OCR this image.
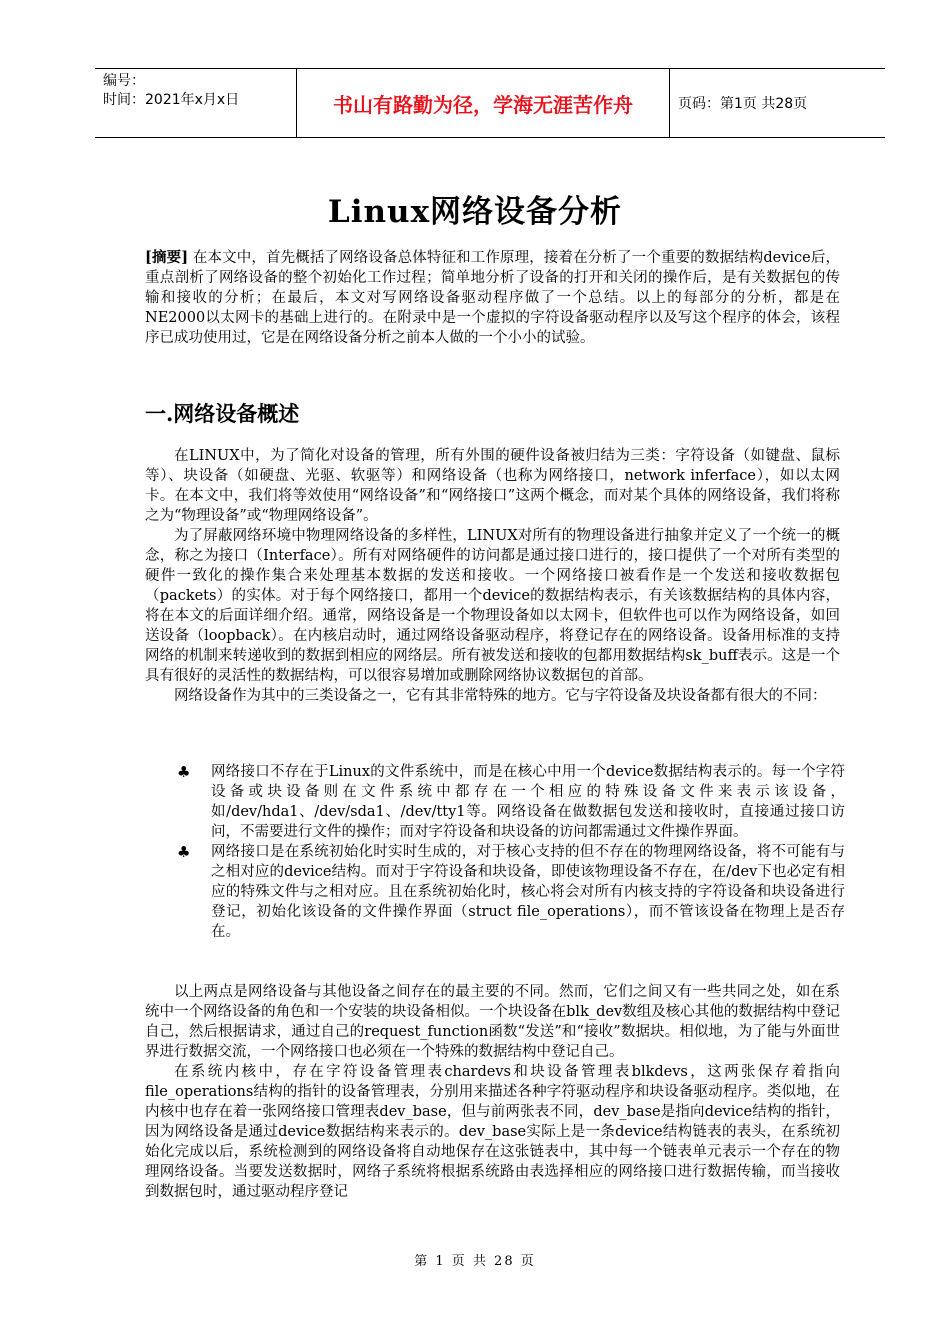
编号：
时间：2021年x月x日	书山有路勤为径，学海无涯苦作舟	页码：第1页 共28页
Linux网络设备分析
[摘要] 在本文中，首先概括了网络设备总体特征和工作原理，接着在分析了一个重要的数据结构device后，重点剖析了网络设备的整个初始化工作过程；简单地分析了设备的打开和关闭的操作后，是有关数据包的传输和接收的分析；在最后，本文对写网络设备驱动程序做了一个总结。以上的每部分的分析，都是在NE2000以太网卡的基础上进行的。在附录中是一个虚拟的字符设备驱动程序以及写这个程序的体会，该程序已成功使用过，它是在网络设备分析之前本人做的一个小小的试验。
一.网络设备概述

在LINUX中，为了简化对设备的管理，所有外围的硬件设备被归结为三类：字符设备（如键盘、鼠标等）、块设备（如硬盘、光驱、软驱等）和网络设备（也称为网络接口，network inferface），如以太网卡。在本文中，我们将等效使用“网络设备”和“网络接口”这两个概念，而对某个具体的网络设备，我们将称之为“物理设备”或“物理网络设备”。

为了屏蔽网络环境中物理网络设备的多样性，LINUX对所有的物理设备进行抽象并定义了一个统一的概念，称之为接口（Interface）。所有对网络硬件的访问都是通过接口进行的，接口提供了一个对所有类型的硬件一致化的操作集合来处理基本数据的发送和接收。一个网络接口被看作是一个发送和接收数据包（packets）的实体。对于每个网络接口，都用一个device的数据结构表示，有关该数据结构的具体内容，将在本文的后面详细介绍。通常，网络设备是一个物理设备如以太网卡，但软件也可以作为网络设备，如回送设备（loopback）。在内核启动时，通过网络设备驱动程序，将登记存在的网络设备。设备用标准的支持网络的机制来转递收到的数据到相应的网络层。所有被发送和接收的包都用数据结构sk_buff表示。这是一个具有很好的灵活性的数据结构，可以很容易增加或删除网络协议数据包的首部。

网络设备作为其中的三类设备之一，它有其非常特殊的地方。它与字符设备及块设备都有很大的不同：

♣ 网络接口不存在于Linux的文件系统中，而是在核心中用一个device数据结构表示的。每一个字符设备或块设备则在文件系统中都存在一个相应的特殊设备文件来表示该设备，如/dev/hda1、/dev/sda1、/dev/tty1等。网络设备在做数据包发送和接收时，直接通过接口访问，不需要进行文件的操作；而对字符设备和块设备的访问都需通过文件操作界面。

♣ 网络接口是在系统初始化时实时生成的，对于核心支持的但不存在的物理网络设备，将不可能有与之相对应的device结构。而对于字符设备和块设备，即使该物理设备不存在，在/dev下也必定有相应的特殊文件与之相对应。且在系统初始化时，核心将会对所有内核支持的字符设备和块设备进行登记，初始化该设备的文件操作界面（struct file_operations），而不管该设备在物理上是否存在。

以上两点是网络设备与其他设备之间存在的最主要的不同。然而，它们之间又有一些共同之处，如在系统中一个网络设备的角色和一个安装的块设备相似。一个块设备在blk_dev数组及核心其他的数据结构中登记自己，然后根据请求，通过自己的request_function函数“发送”和“接收”数据块。相似地，为了能与外面世界进行数据交流，一个网络接口也必须在一个特殊的数据结构中登记自己。

在系统内核中，存在字符设备管理表chardevs和块设备管理表blkdevs，这两张保存着指向file_operations结构的指针的设备管理表，分别用来描述各种字符驱动程序和块设备驱动程序。类似地，在内核中也存在着一张网络接口管理表dev_base，但与前两张表不同，dev_base是指向device结构的指针，因为网络设备是通过device数据结构来表示的。dev_base实际上是一条device结构链表的表头，在系统初始化完成以后，系统检测到的网络设备将自动地保存在这张链表中，其中每一个链表单元表示一个存在的物理网络设备。当要发送数据时，网络子系统将根据系统路由表选择相应的网络接口进行数据传输，而当接收到数据包时，通过驱动程序登记

第 1 页 共 28 页
